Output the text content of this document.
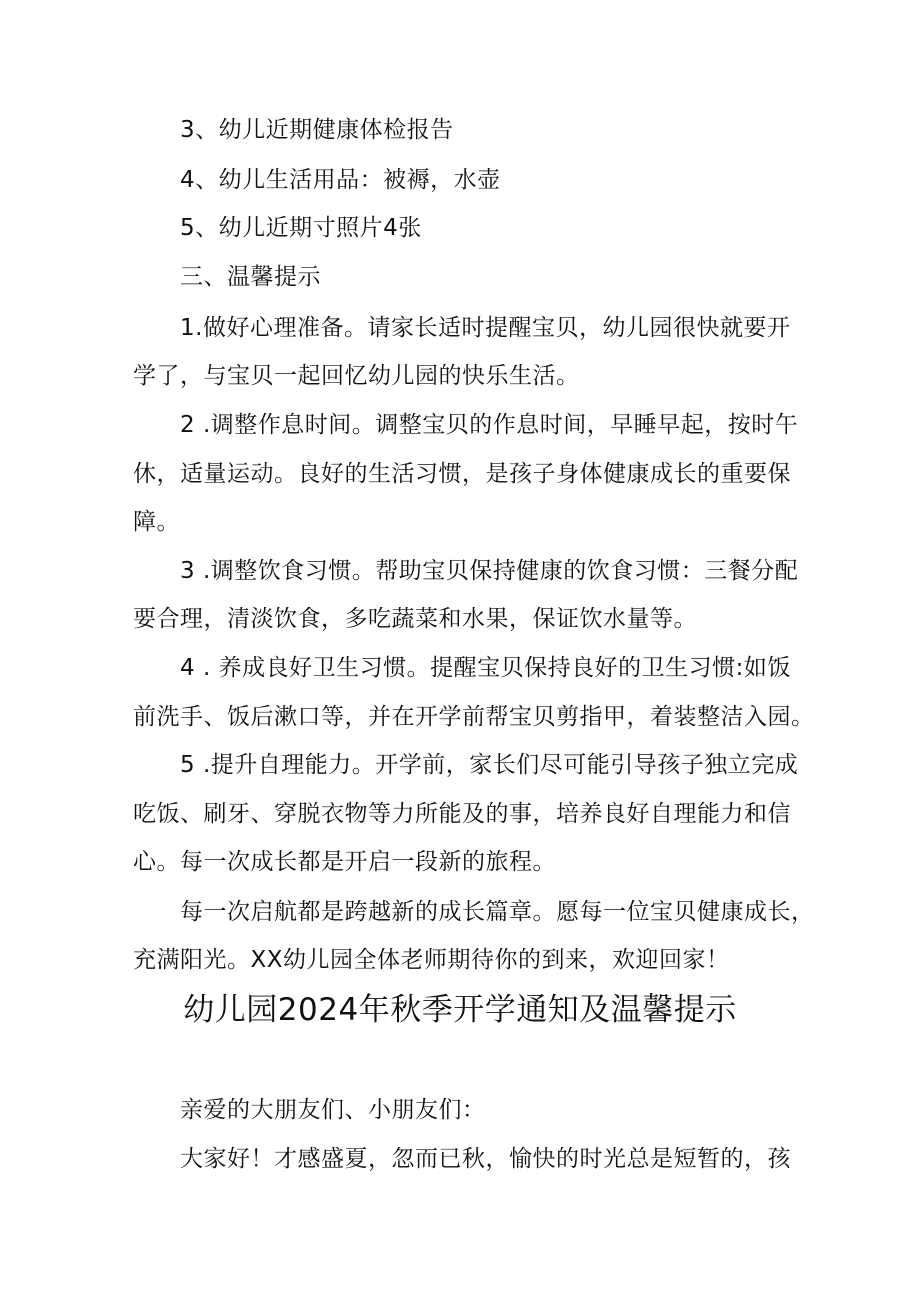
3、幼儿近期健康体检报告
4、幼儿生活用品：被褥，水壶
5、幼儿近期寸照片4张
三、温馨提示
1.做好心理准备。请家长适时提醒宝贝，幼儿园很快就要开
学了，与宝贝一起回忆幼儿园的快乐生活。
2 .调整作息时间。调整宝贝的作息时间，早睡早起，按时午
休，适量运动。良好的生活习惯，是孩子身体健康成长的重要保
障。
3 .调整饮食习惯。帮助宝贝保持健康的饮食习惯：三餐分配
要合理，清淡饮食，多吃蔬菜和水果，保证饮水量等。
4 . 养成良好卫生习惯。提醒宝贝保持良好的卫生习惯:如饭
前洗手、饭后漱口等，并在开学前帮宝贝剪指甲，着装整洁入园。
5 .提升自理能力。开学前，家长们尽可能引导孩子独立完成
吃饭、刷牙、穿脱衣物等力所能及的事，培养良好自理能力和信
心。每一次成长都是开启一段新的旅程。
每一次启航都是跨越新的成长篇章。愿每一位宝贝健康成长，
充满阳光。XX幼儿园全体老师期待你的到来，欢迎回家！
幼儿园2024年秋季开学通知及温馨提示
亲爱的大朋友们、小朋友们：
大家好！才感盛夏，忽而已秋，愉快的时光总是短暂的，孩
